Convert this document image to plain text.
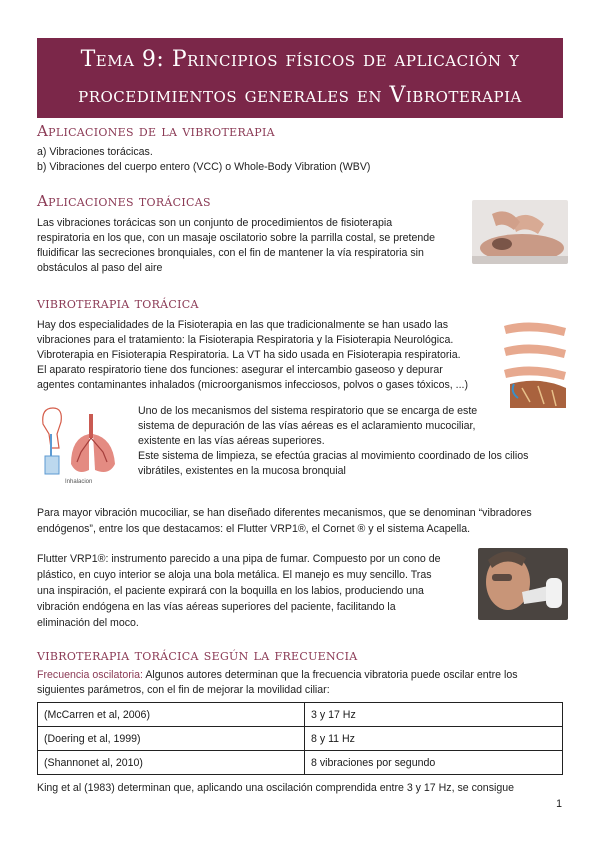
Tema 9: Principios físicos de aplicación y
procedimientos generales en Vibroterapia
Aplicaciones de la vibroterapia
a) Vibraciones torácicas.
b) Vibraciones del cuerpo entero (VCC) o Whole-Body Vibration (WBV)
Aplicaciones torácicas
Las vibraciones torácicas son un conjunto de procedimientos de fisioterapia
respiratoria en los que, con un masaje oscilatorio sobre la parrilla costal, se pretende
fluidificar las secreciones bronquiales, con el fin de mantener la vía respiratoria sin
obstáculos al paso del aire
vibroterapia torácica
Hay dos especialidades de la Fisioterapia en las que tradicionalmente se han usado las
vibraciones para el tratamiento: la Fisioterapia Respiratoria y la Fisioterapia Neurológica.
Vibroterapia en Fisioterapia Respiratoria. La VT ha sido usada en Fisioterapia respiratoria.
El aparato respiratorio tiene dos funciones: asegurar el intercambio gaseoso y depurar
agentes contaminantes inhalados (microorganismos infecciosos, polvos o gases tóxicos, ...)
Inhalacion
Uno de los mecanismos del sistema respiratorio que se encarga de este
sistema de depuración de las vías aéreas es el aclaramiento mucociliar,
existente en las vías aéreas superiores.
Este sistema de limpieza, se efectúa gracias al movimiento coordinado de los cilios
vibrátiles, existentes en la mucosa bronquial
Para mayor vibración mucociliar, se han diseñado diferentes mecanismos, que se denominan “vibradores
endógenos”, entre los que destacamos: el Flutter VRP1®, el Cornet ® y el sistema Acapella.
Flutter VRP1®: instrumento parecido a una pipa de fumar. Compuesto por un cono de
plástico, en cuyo interior se aloja una bola metálica. El manejo es muy sencillo. Tras
una inspiración, el paciente expirará con la boquilla en los labios, produciendo una
vibración endógena en las vías aéreas superiores del paciente, facilitando la
eliminación del moco.
vibroterapia torácica según la frecuencia
Frecuencia oscilatoria: Algunos autores determinan que la frecuencia vibratoria puede oscilar entre los
siguientes parámetros, con el fin de mejorar la movilidad ciliar:
(McCarren et al, 2006)	3 y 17 Hz
(Doering et al, 1999)	8 y 11 Hz
(Shannonet al, 2010)	8 vibraciones por segundo
King et al (1983) determinan que, aplicando una oscilación comprendida entre 3 y 17 Hz, se consigue
1
